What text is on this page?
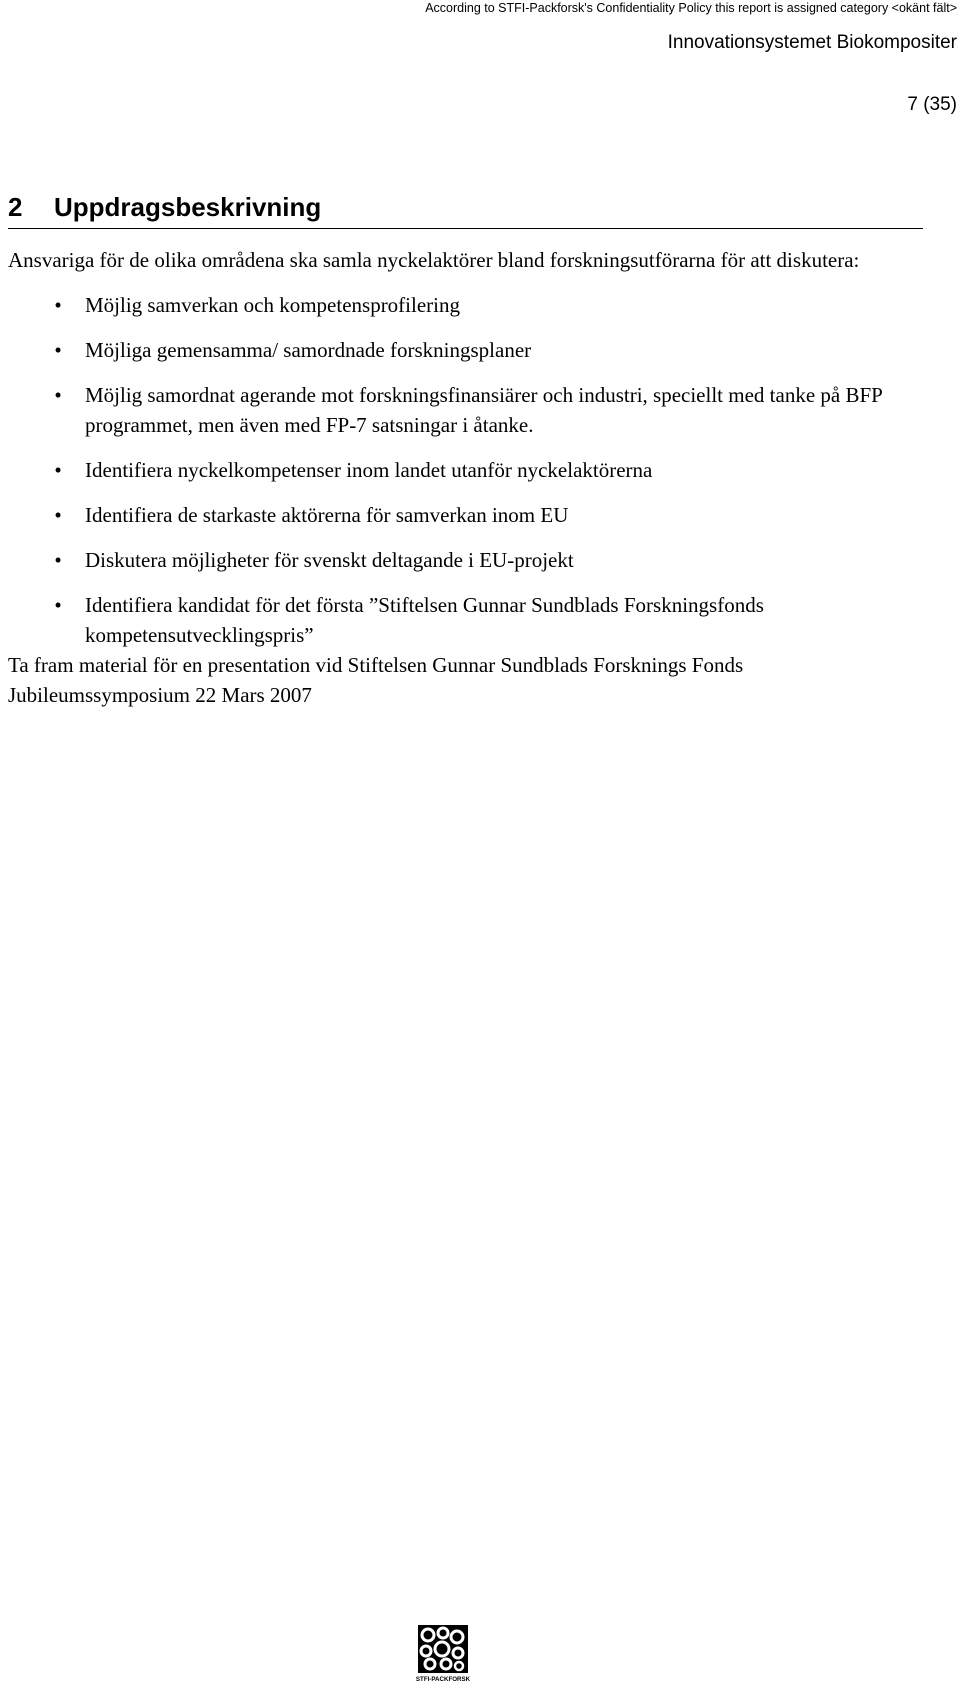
According to STFI-Packforsk's Confidentiality Policy this report is assigned category <okänt fält>
Innovationsystemet Biokompositer
7 (35)
2 Uppdragsbeskrivning

Ansvariga för de olika områdena ska samla nyckelaktörer bland forskningsutförarna för att diskutera:

•	Möjlig samverkan och kompetensprofilering
•	Möjliga gemensamma/ samordnade forskningsplaner
•	Möjlig samordnat agerande mot forskningsfinansiärer och industri, speciellt med tanke på BFP programmet, men även med FP-7 satsningar i åtanke.
•	Identifiera nyckelkompetenser inom landet utanför nyckelaktörerna
•	Identifiera de starkaste aktörerna för samverkan inom EU
•	Diskutera möjligheter för svenskt deltagande i EU-projekt
•	Identifiera kandidat för det första ”Stiftelsen Gunnar Sundblads Forskningsfonds kompetensutvecklingspris”

Ta fram material för en presentation vid Stiftelsen Gunnar Sundblads Forsknings Fonds Jubileumssymposium 22 Mars 2007

STFI-PACKFORSK
